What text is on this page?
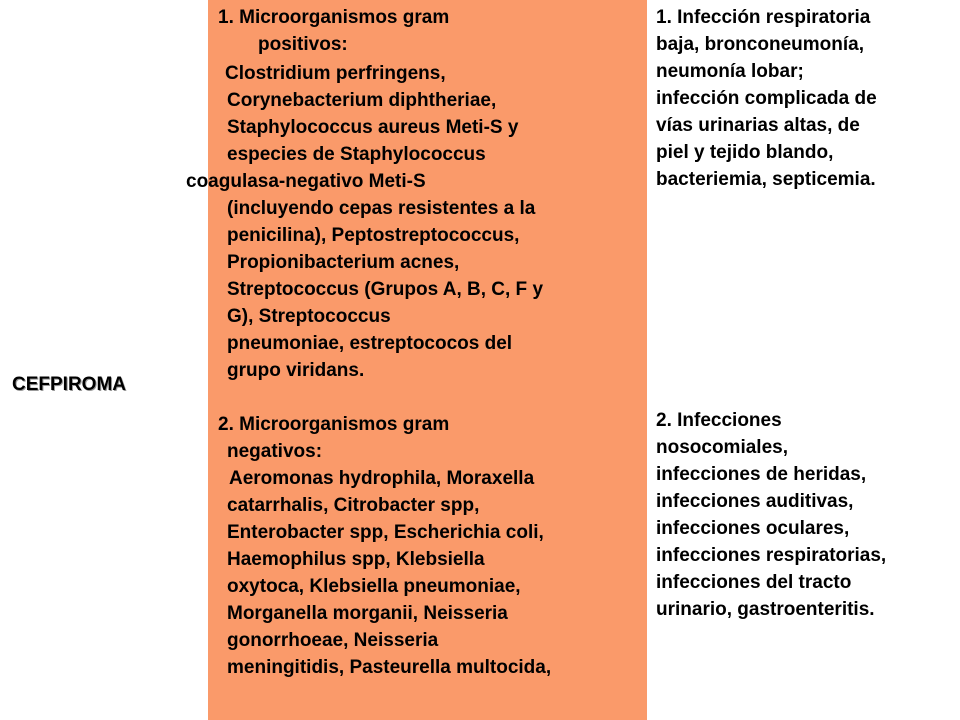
CEFPIROMA
1. Microorganismos gram
positivos:
Clostridium perfringens,
Corynebacterium diphtheriae,
Staphylococcus aureus Meti-S y
especies de Staphylococcus
coagulasa-negativo Meti-S
(incluyendo cepas resistentes a la
penicilina), Peptostreptococcus,
Propionibacterium acnes,
Streptococcus (Grupos A, B, C, F y
G), Streptococcus
pneumoniae, estreptococos del
grupo viridans.
2. Microorganismos gram
negativos:
Aeromonas hydrophila, Moraxella
catarrhalis, Citrobacter spp,
Enterobacter spp, Escherichia coli,
Haemophilus spp, Klebsiella
oxytoca, Klebsiella pneumoniae,
Morganella morganii, Neisseria
gonorrhoeae, Neisseria
meningitidis, Pasteurella multocida,
1. Infección respiratoria
baja, bronconeumonía,
neumonía lobar;
infección complicada de
vías urinarias altas, de
piel y tejido blando,
bacteriemia, septicemia.
2. Infecciones
nosocomiales,
infecciones de heridas,
infecciones auditivas,
infecciones oculares,
infecciones respiratorias,
infecciones del tracto
urinario, gastroenteritis.
